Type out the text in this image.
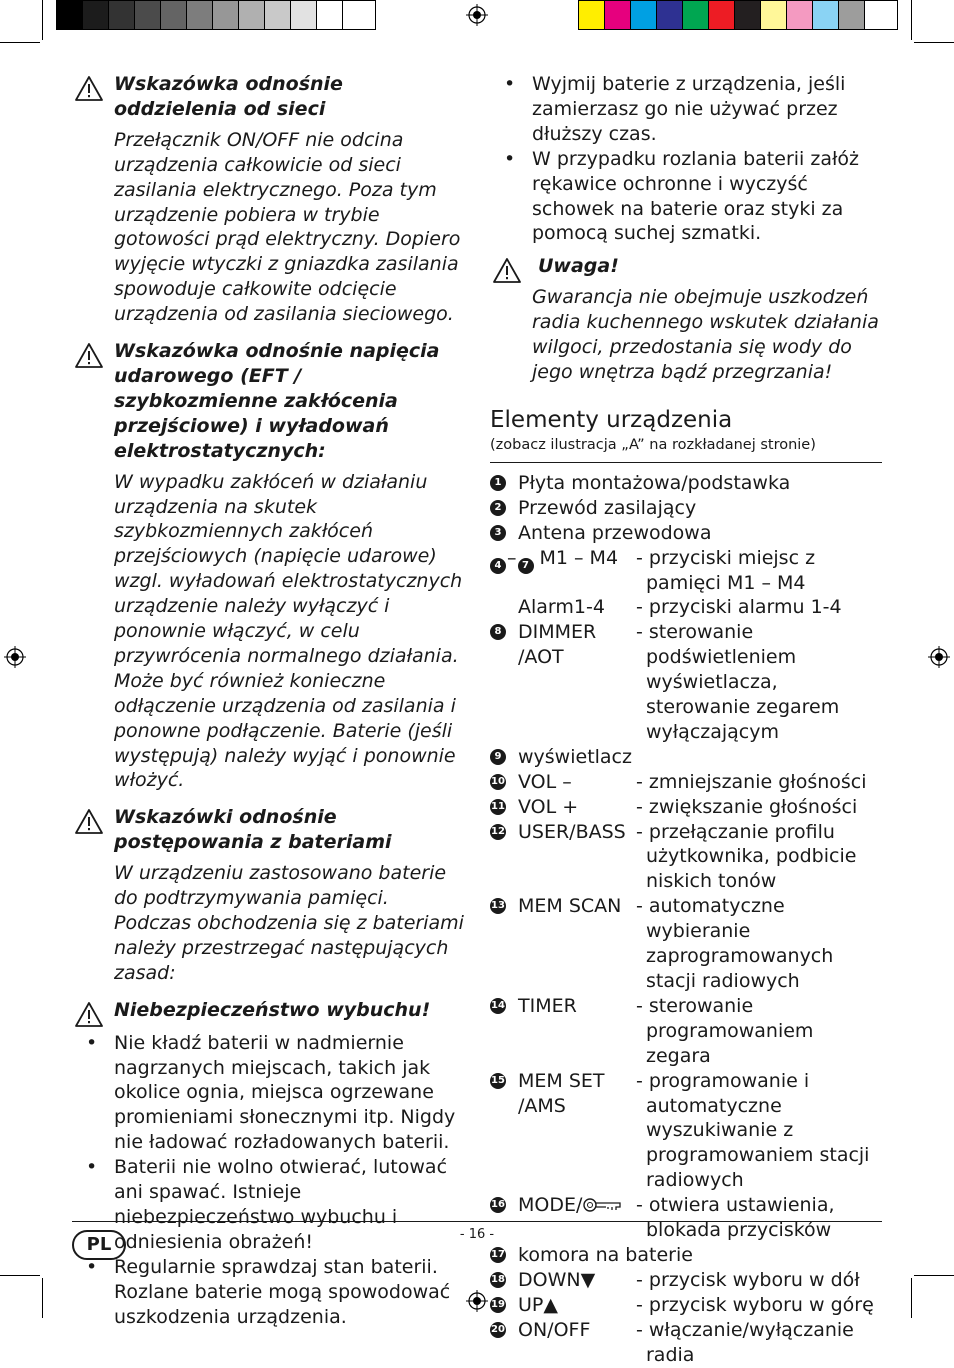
Wskazówka odnośnie oddzielenia od sieci

Przełącznik ON/OFF nie odcina urządzenia całkowicie od sieci zasilania elektrycznego. Poza tym urządzenie pobiera w trybie gotowości prąd elektryczny. Dopiero wyjęcie wtyczki z gniazdka zasilania spowoduje całkowite odcięcie urządzenia od zasilania sieciowego.

Wskazówka odnośnie napięcia udarowego (EFT / szybkozmienne zakłócenia przejściowe) i wyładowań elektrostatycznych:

W wypadku zakłóceń w działaniu urządzenia na skutek szybkozmiennych zakłóceń przejściowych (napięcie udarowe) wzgl. wyładowań elektrostatycznych urządzenie należy wyłączyć i ponownie włączyć, w celu przywrócenia normalnego działania. Może być również konieczne odłączenie urządzenia od zasilania i ponowne podłączenie. Baterie (jeśli występują) należy wyjąć i ponownie włożyć.

Wskazówki odnośnie postępowania z bateriami

W urządzeniu zastosowano baterie do podtrzymywania pamięci. Podczas obchodzenia się z bateriami należy przestrzegać następujących zasad:

Niebezpieczeństwo wybuchu!

• Nie kładź baterii w nadmiernie nagrzanych miejscach, takich jak okolice ognia, miejsca ogrzewane promieniami słonecznymi itp. Nigdy nie ładować rozładowanych baterii.
• Baterii nie wolno otwierać, lutować ani spawać. Istnieje niebezpieczeństwo wybuchu i odniesienia obrażeń!
• Regularnie sprawdzaj stan baterii. Rozlane baterie mogą spowodować uszkodzenia urządzenia.
• Wyjmij baterie z urządzenia, jeśli zamierzasz go nie używać przez dłuższy czas.
• W przypadku rozlania baterii załóż rękawice ochronne i wyczyść schowek na baterie oraz styki za pomocą suchej szmatki.

Uwaga!

Gwarancja nie obejmuje uszkodzeń radia kuchennego wskutek działania wilgoci, przedostania się wody do jego wnętrza bądź przegrzania!

Elementy urządzenia

(zobacz ilustracja „A” na rozkładanej stronie)

1 Płyta montażowa/podstawka
2 Przewód zasilający
3 Antena przewodowa
4 – 7 M1 – M4 - przyciski miejsc z pamięci M1 – M4
Alarm1-4	- przyciski alarmu 1-4
8 DIMMER /AOT
- sterowanie podświetleniem wyświetlacza, sterowanie zegarem wyłączającym
9 wyświetlacz
10 VOL –	- zmniejszanie głośności
11 VOL +	- zwiększanie głośności
12 USER/BASS - przełączanie profilu użytkownika, podbicie niskich tonów
13 MEM SCAN - automatyczne wybieranie zaprogramowanych stacji radiowych
14 TIMER	- sterowanie programowaniem zegara
15 MEM SET /AMS
- programowanie i automatyczne wyszukiwanie z programowaniem stacji radiowych
16 MODE/	- otwiera ustawienia, blokada przycisków
17 komora na baterie
18 DOWN▼	- przycisk wyboru w dół
19 UP▲	- przycisk wyboru w górę
20 ON/OFF	- włączanie/wyłączanie radia
PL	- 16 -
